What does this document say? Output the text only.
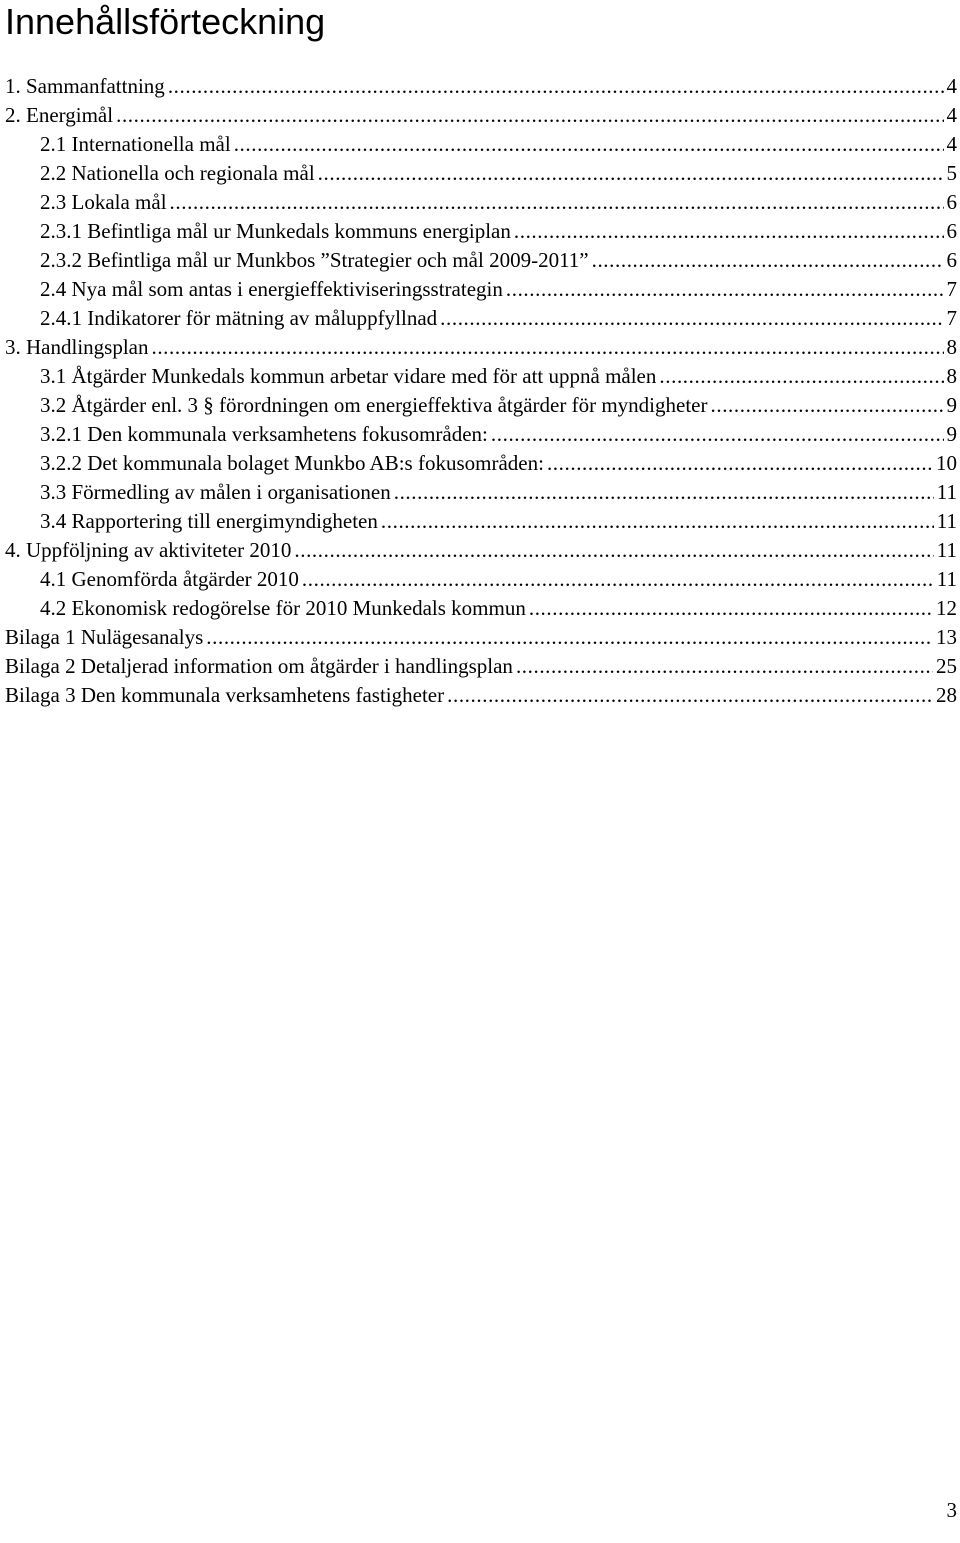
Innehållsförteckning
1. Sammanfattning .....	4
2. Energimål .....	4
2.1 Internationella mål .....	4
2.2 Nationella och regionala mål .....	5
2.3 Lokala mål .....	6
2.3.1 Befintliga mål ur Munkedals kommuns energiplan .....	6
2.3.2 Befintliga mål ur Munkbos ”Strategier och mål 2009-2011” .....	6
2.4 Nya mål som antas i energieffektiviseringsstrategin .....	7
2.4.1 Indikatorer för mätning av måluppfyllnad .....	7
3. Handlingsplan .....	8
3.1 Åtgärder Munkedals kommun arbetar vidare med för att uppnå målen .....	8
3.2 Åtgärder enl. 3 § förordningen om energieffektiva åtgärder för myndigheter .....	9
3.2.1 Den kommunala verksamhetens fokusområden: .....	9
3.2.2 Det kommunala bolaget Munkbo AB:s fokusområden: .....	10
3.3 Förmedling av målen i organisationen .....	11
3.4 Rapportering till energimyndigheten .....	11
4. Uppföljning av aktiviteter 2010 .....	11
4.1 Genomförda åtgärder 2010 .....	11
4.2 Ekonomisk redogörelse för 2010 Munkedals kommun .....	12
Bilaga 1 Nulägesanalys .....	13
Bilaga 2 Detaljerad information om åtgärder i handlingsplan .....	25
Bilaga 3 Den kommunala verksamhetens fastigheter .....	28
3
